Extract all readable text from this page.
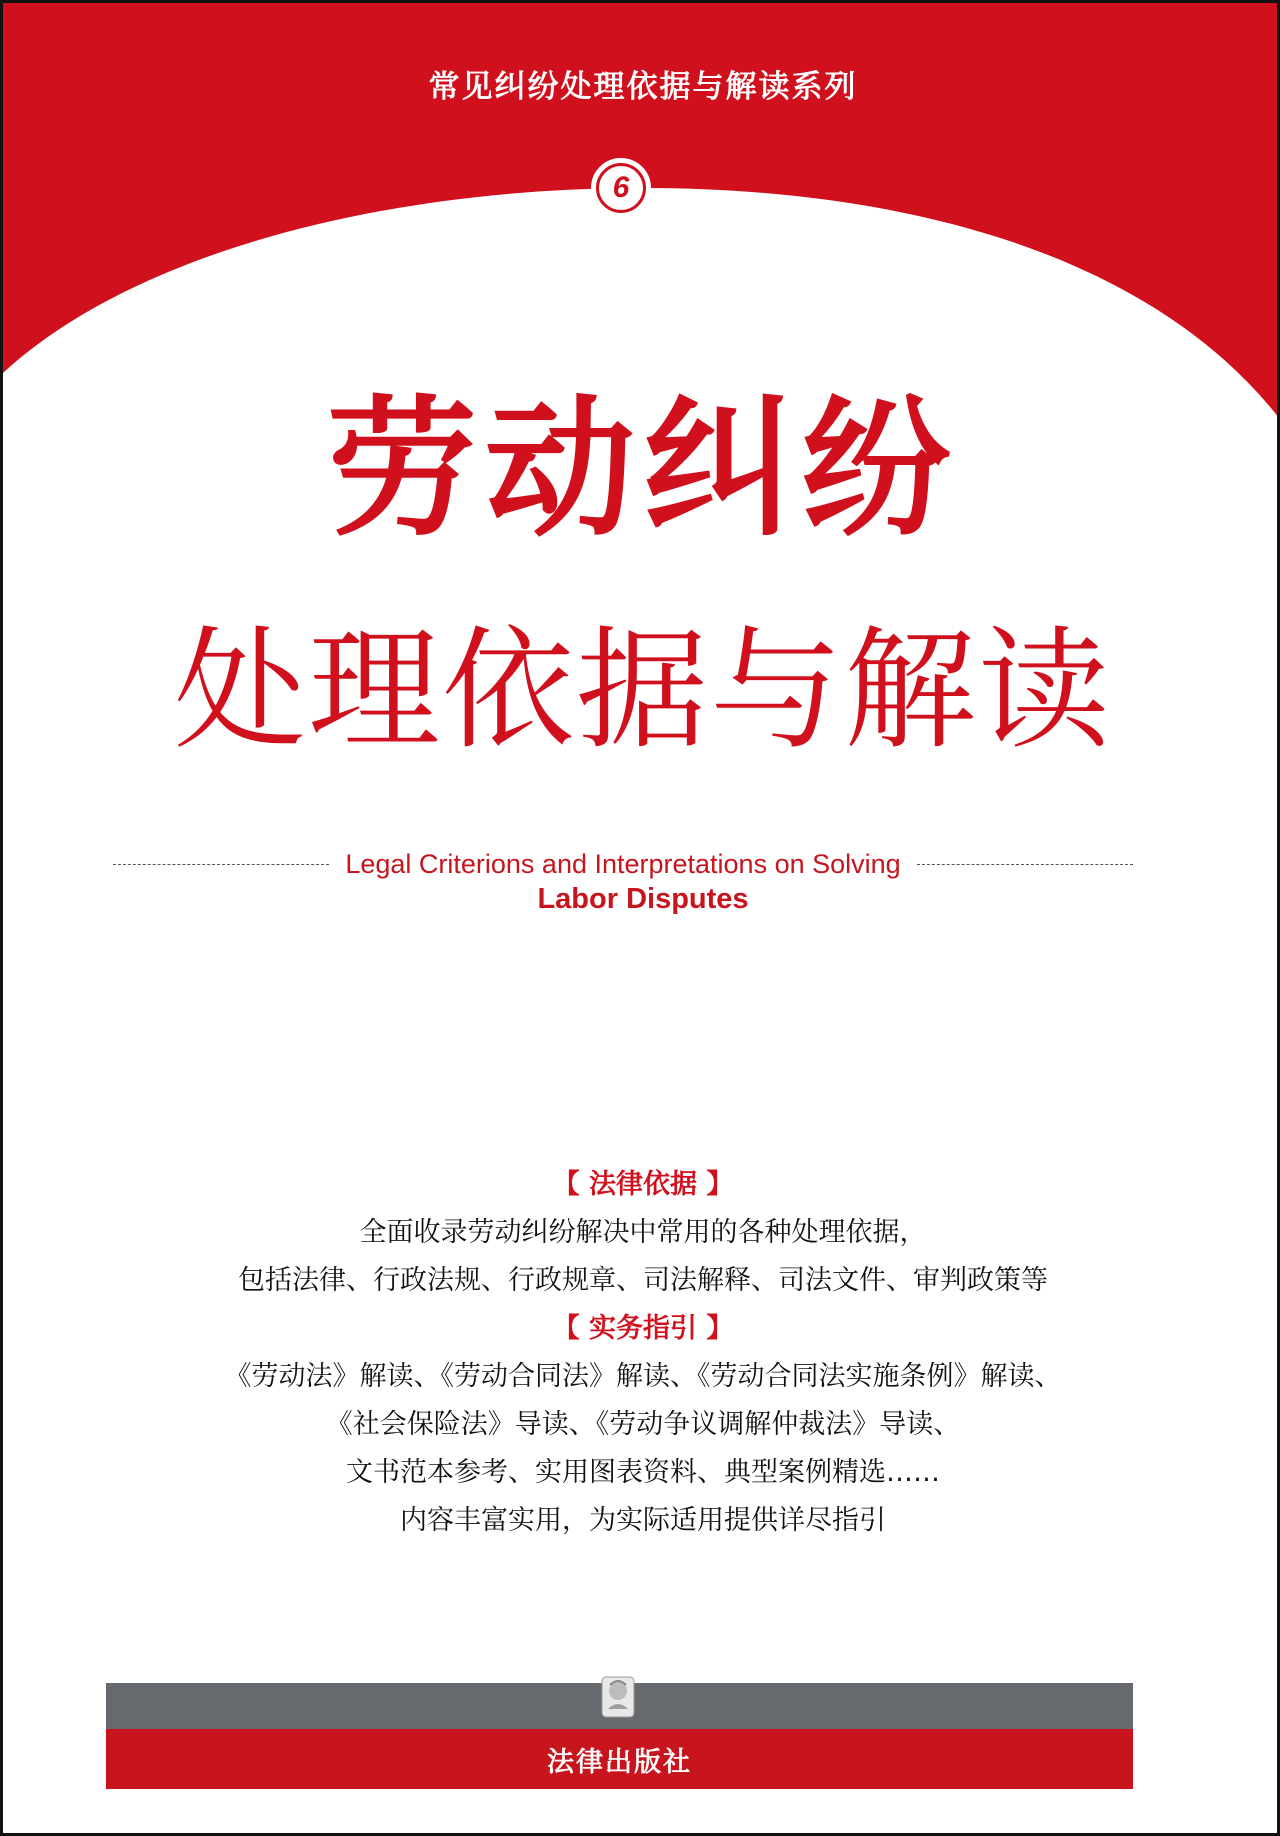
常见纠纷处理依据与解读系列
6
劳动纠纷
处理依据与解读
Legal Criterions and Interpretations on Solving
Labor Disputes
【 法律依据 】
全面收录劳动纠纷解决中常用的各种处理依据，
包括法律、行政法规、行政规章、司法解释、司法文件、审判政策等
【 实务指引 】
《劳动法》解读、《劳动合同法》解读、《劳动合同法实施条例》解读、
《社会保险法》导读、《劳动争议调解仲裁法》导读、
文书范本参考、实用图表资料、典型案例精选……
内容丰富实用，为实际适用提供详尽指引
法律出版社
